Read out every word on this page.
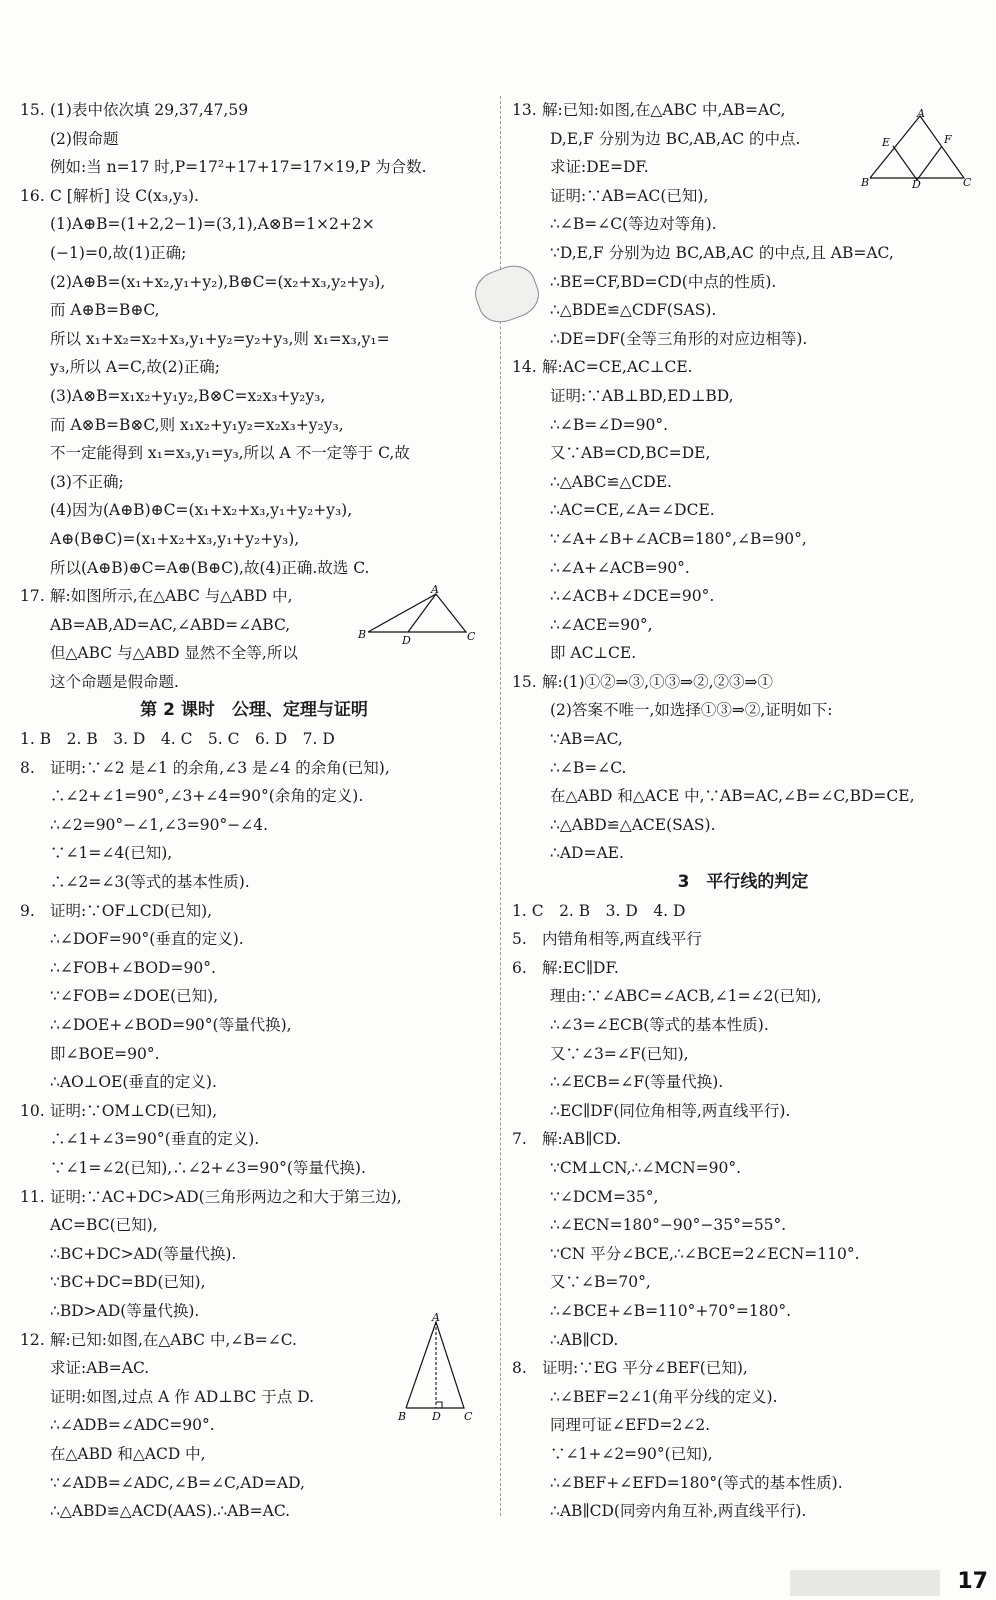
15. (1)表中依次填 29,37,47,59
(2)假命题
例如:当 n=17 时,P=17²+17+17=17×19,P 为合数.
16. C [解析] 设 C(x₃,y₃).
(1)A⊕B=(1+2,2−1)=(3,1),A⊗B=1×2+2×
(−1)=0,故(1)正确;
(2)A⊕B=(x₁+x₂,y₁+y₂),B⊕C=(x₂+x₃,y₂+y₃),
而 A⊕B=B⊕C,
所以 x₁+x₂=x₂+x₃,y₁+y₂=y₂+y₃,则 x₁=x₃,y₁=
y₃,所以 A=C,故(2)正确;
(3)A⊗B=x₁x₂+y₁y₂,B⊗C=x₂x₃+y₂y₃,
而 A⊗B=B⊗C,则 x₁x₂+y₁y₂=x₂x₃+y₂y₃,
不一定能得到 x₁=x₃,y₁=y₃,所以 A 不一定等于 C,故
(3)不正确;
(4)因为(A⊕B)⊕C=(x₁+x₂+x₃,y₁+y₂+y₃),
A⊕(B⊕C)=(x₁+x₂+x₃,y₁+y₂+y₃),
所以(A⊕B)⊕C=A⊕(B⊕C),故(4)正确.故选 C.
17. 解:如图所示,在△ABC 与△ABD 中,
AB=AB,AD=AC,∠ABD=∠ABC,
但△ABC 与△ABD 显然不全等,所以
这个命题是假命题.
第 2 课时　公理、定理与证明
1. B　2. B　3. D　4. C　5. C　6. D　7. D
8. 证明:∵∠2 是∠1 的余角,∠3 是∠4 的余角(已知),
∴∠2+∠1=90°,∠3+∠4=90°(余角的定义).
∴∠2=90°−∠1,∠3=90°−∠4.
∵∠1=∠4(已知),
∴∠2=∠3(等式的基本性质).
9. 证明:∵OF⊥CD(已知),
∴∠DOF=90°(垂直的定义).
∴∠FOB+∠BOD=90°.
∵∠FOB=∠DOE(已知),
∴∠DOE+∠BOD=90°(等量代换),
即∠BOE=90°.
∴AO⊥OE(垂直的定义).
10. 证明:∵OM⊥CD(已知),
∴∠1+∠3=90°(垂直的定义).
∵∠1=∠2(已知),∴∠2+∠3=90°(等量代换).
11. 证明:∵AC+DC>AD(三角形两边之和大于第三边),
AC=BC(已知),
∴BC+DC>AD(等量代换).
∵BC+DC=BD(已知),
∴BD>AD(等量代换).
12. 解:已知:如图,在△ABC 中,∠B=∠C.
求证:AB=AC.
证明:如图,过点 A 作 AD⊥BC 于点 D.
∴∠ADB=∠ADC=90°.
在△ABD 和△ACD 中,
∵∠ADB=∠ADC,∠B=∠C,AD=AD,
∴△ABD≌△ACD(AAS).∴AB=AC.
13. 解:已知:如图,在△ABC 中,AB=AC,
D,E,F 分别为边 BC,AB,AC 的中点.
求证:DE=DF.
证明:∵AB=AC(已知),
∴∠B=∠C(等边对等角).
∵D,E,F 分别为边 BC,AB,AC 的中点,且 AB=AC,
∴BE=CF,BD=CD(中点的性质).
∴△BDE≌△CDF(SAS).
∴DE=DF(全等三角形的对应边相等).
14. 解:AC=CE,AC⊥CE.
证明:∵AB⊥BD,ED⊥BD,
∴∠B=∠D=90°.
又∵AB=CD,BC=DE,
∴△ABC≌△CDE.
∴AC=CE,∠A=∠DCE.
∵∠A+∠B+∠ACB=180°,∠B=90°,
∴∠A+∠ACB=90°.
∴∠ACB+∠DCE=90°.
∴∠ACE=90°,
即 AC⊥CE.
15. 解:(1)①②⇒③,①③⇒②,②③⇒①
(2)答案不唯一,如选择①③⇒②,证明如下:
∵AB=AC,
∴∠B=∠C.
在△ABD 和△ACE 中,∵AB=AC,∠B=∠C,BD=CE,
∴△ABD≌△ACE(SAS).
∴AD=AE.
3　平行线的判定
1. C　2. B　3. D　4. D
5. 内错角相等,两直线平行
6. 解:EC∥DF.
理由:∵∠ABC=∠ACB,∠1=∠2(已知),
∴∠3=∠ECB(等式的基本性质).
又∵∠3=∠F(已知),
∴∠ECB=∠F(等量代换).
∴EC∥DF(同位角相等,两直线平行).
7. 解:AB∥CD.
∵CM⊥CN,∴∠MCN=90°.
∵∠DCM=35°,
∴∠ECN=180°−90°−35°=55°.
∵CN 平分∠BCE,∴∠BCE=2∠ECN=110°.
又∵∠B=70°,
∴∠BCE+∠B=110°+70°=180°.
∴AB∥CD.
8. 证明:∵EG 平分∠BEF(已知),
∴∠BEF=2∠1(角平分线的定义).
同理可证∠EFD=2∠2.
∵∠1+∠2=90°(已知),
∴∠BEF+∠EFD=180°(等式的基本性质).
∴AB∥CD(同旁内角互补,两直线平行).
A
E	F
B	D	C
A
B	D	C
A
B D C
17
